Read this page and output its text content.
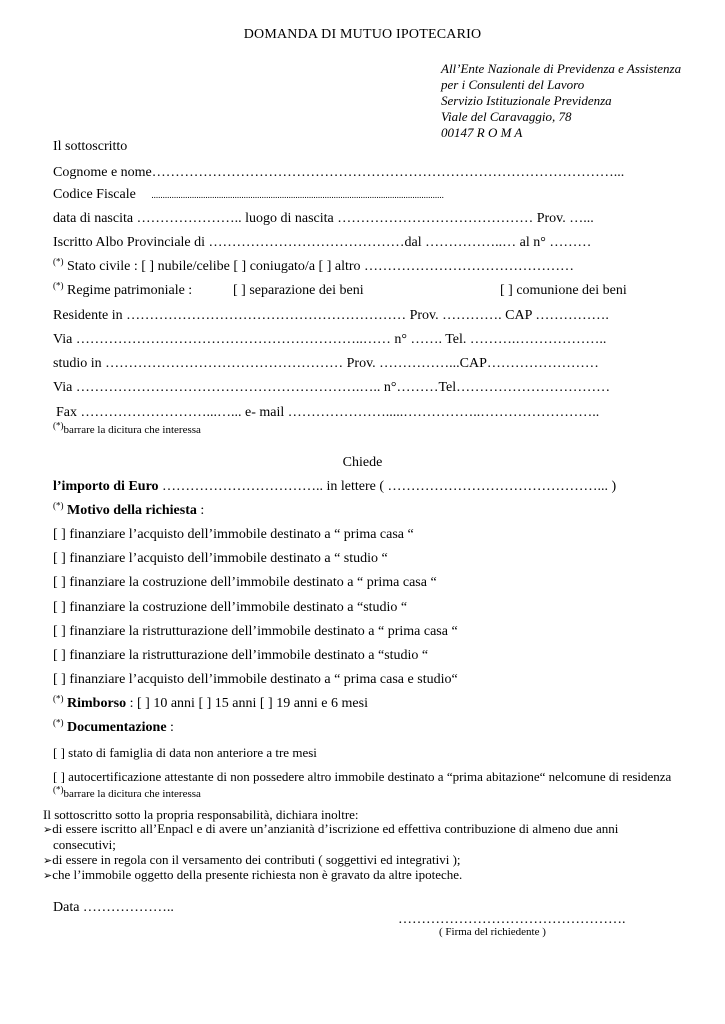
DOMANDA DI MUTUO IPOTECARIO
All’Ente Nazionale di Previdenza e Assistenza
per i Consulenti del Lavoro
Servizio Istituzionale Previdenza
Viale del Caravaggio, 78
00147 R O M A
Il sottoscritto
Cognome e nome………………………………………………………………………………………...
Codice Fiscale ..................................................................................................................................
data di nascita ………………….. luogo di nascita …………………………………… Prov. …...
Iscritto Albo Provinciale di ……………………………………dal ……………..… al n° ………
(*) Stato civile : [ ] nubile/celibe [ ] coniugato/a [ ] altro ………………………………………
(*) Regime patrimoniale :	[ ] separazione dei beni	[ ] comunione dei beni
Residente in …………………………………………………… Prov. …………. CAP …………….
Via ……………………………………………………..…… n° ……. Tel. ……….………………..
studio in …………………………………………… Prov. ……………...CAP……………………
Via …………………………………………………….….. n°………Tel……………………………
Fax ………………………...…... e- mail ………………….....……………..……………………..
(*)barrare la dicitura che interessa
Chiede
l’importo di Euro …………………………….. in lettere ( ………………………………………... )
(*) Motivo della richiesta :
[ ] finanziare l’acquisto dell’immobile destinato a “ prima casa “
[ ] finanziare l’acquisto dell’immobile destinato a “ studio “
[ ] finanziare la costruzione dell’immobile destinato a “ prima casa “
[ ] finanziare la costruzione dell’immobile destinato a “studio “
[ ] finanziare la ristrutturazione dell’immobile destinato a “ prima casa “
[ ] finanziare la ristrutturazione dell’immobile destinato a “studio “
[ ] finanziare l’acquisto dell’immobile destinato a “ prima casa e studio“
(*) Rimborso : [ ] 10 anni [ ] 15 anni [ ] 19 anni e 6 mesi
(*) Documentazione :
[ ] stato di famiglia di data non anteriore a tre mesi
[ ] autocertificazione attestante di non possedere altro immobile destinato a “prima abitazione“ nelcomune di residenza
(*)barrare la dicitura che interessa
Il sottoscritto sotto la propria responsabilità, dichiara inoltre:
➢di essere iscritto all’Enpacl e di avere un’anzianità d’iscrizione ed effettiva contribuzione di almeno due anni
consecutivi;
➢di essere in regola con il versamento dei contributi ( soggettivi ed integrativi );
➢che l’immobile oggetto della presente richiesta non è gravato da altre ipoteche.
Data ………………..
………………………………………….
( Firma del richiedente )
